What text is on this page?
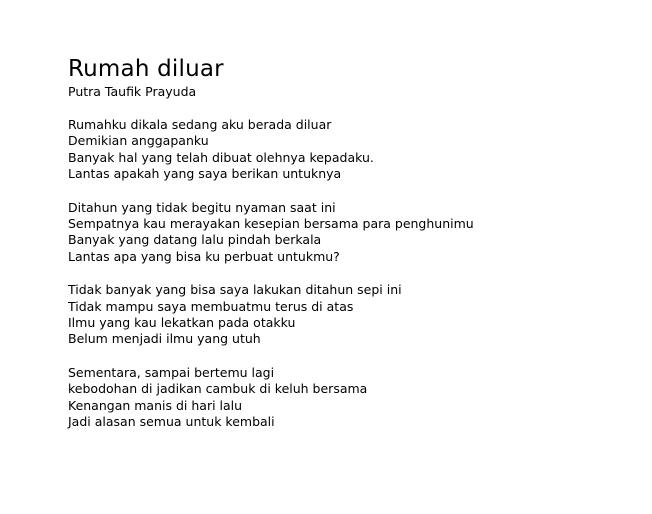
Rumah diluar
Putra Taufik Prayuda
Rumahku dikala sedang aku berada diluar
Demikian anggapanku
Banyak hal yang telah dibuat olehnya kepadaku.
Lantas apakah yang saya berikan untuknya
Ditahun yang tidak begitu nyaman saat ini
Sempatnya kau merayakan kesepian bersama para penghunimu
Banyak yang datang lalu pindah berkala
Lantas apa yang bisa ku perbuat untukmu?
Tidak banyak yang bisa saya lakukan ditahun sepi ini
Tidak mampu saya membuatmu terus di atas
Ilmu yang kau lekatkan pada otakku
Belum menjadi ilmu yang utuh
Sementara, sampai bertemu lagi
kebodohan di jadikan cambuk di keluh bersama
Kenangan manis di hari lalu
Jadi alasan semua untuk kembali
